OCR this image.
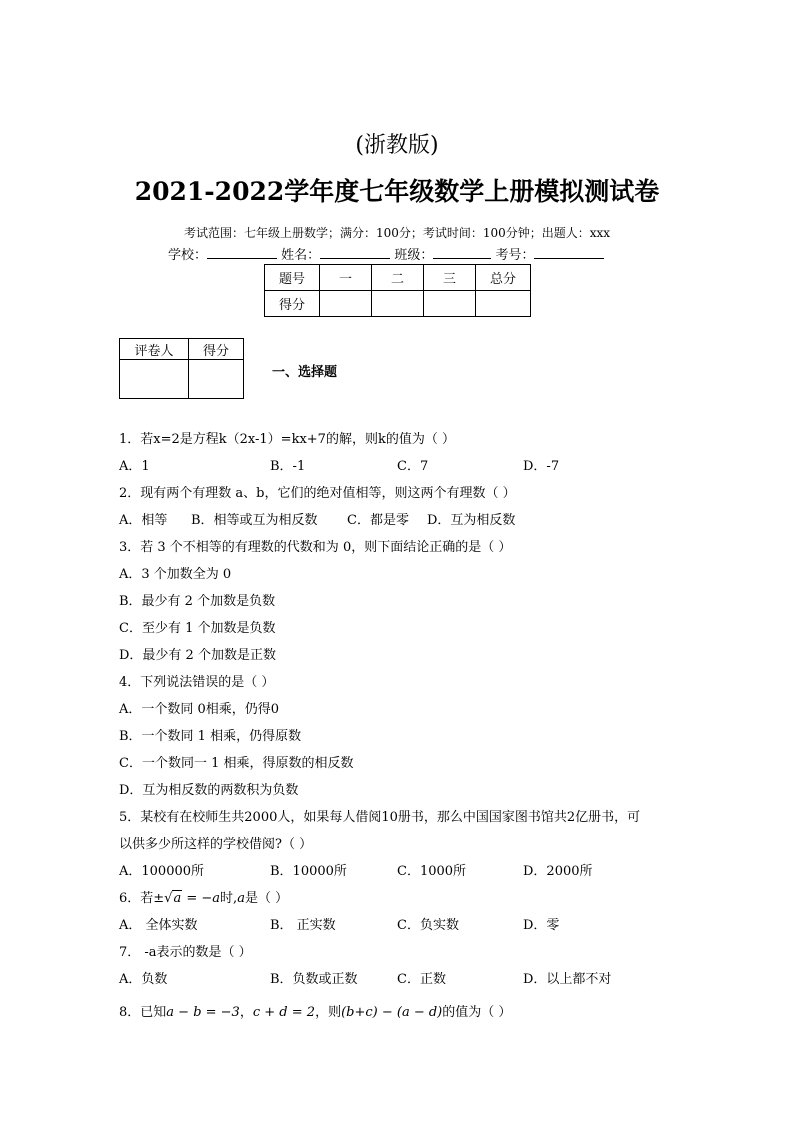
(浙教版)
2021-2022学年度七年级数学上册模拟测试卷
考试范围：七年级上册数学；满分：100分；考试时间：100分钟；出题人：xxx
学校：	姓名：	班级：	考号：
题号	一	二	三	总分
得分				
评卷人	得分

一、选择题
1．若x=2是方程k（2x-1）=kx+7的解，则k的值为（ ）
A．1	B．-1	C．7	D．-7
2．现有两个有理数 a、b，它们的绝对值相等，则这两个有理数（ ）
A．相等 B．相等或互为相反数 C．都是零 D．互为相反数
3．若 3 个不相等的有理数的代数和为 0，则下面结论正确的是（ ）
A．3 个加数全为 0
B．最少有 2 个加数是负数
C．至少有 1 个加数是负数
D．最少有 2 个加数是正数
4．下列说法错误的是（ ）
A．一个数同 0相乘，仍得0
B．一个数同 1 相乘，仍得原数
C．一个数同一 1 相乘，得原数的相反数
D．互为相反数的两数积为负数
5．某校有在校师生共2000人，如果每人借阅10册书，那么中国国家图书馆共2亿册书，可
以供多少所这样的学校借阅?（ ）
A．100000所	B．10000所	C．1000所	D．2000所
6．若±√a = −a时,a是（ ）
A． 全体实数	B． 正实数	C．负实数	D．零
7． -a表示的数是（ ）
A．负数	B．负数或正数	C．正数	D．以上都不对
8．已知a − b = −3，c + d = 2，则(b+c) − (a − d)的值为（ ）
